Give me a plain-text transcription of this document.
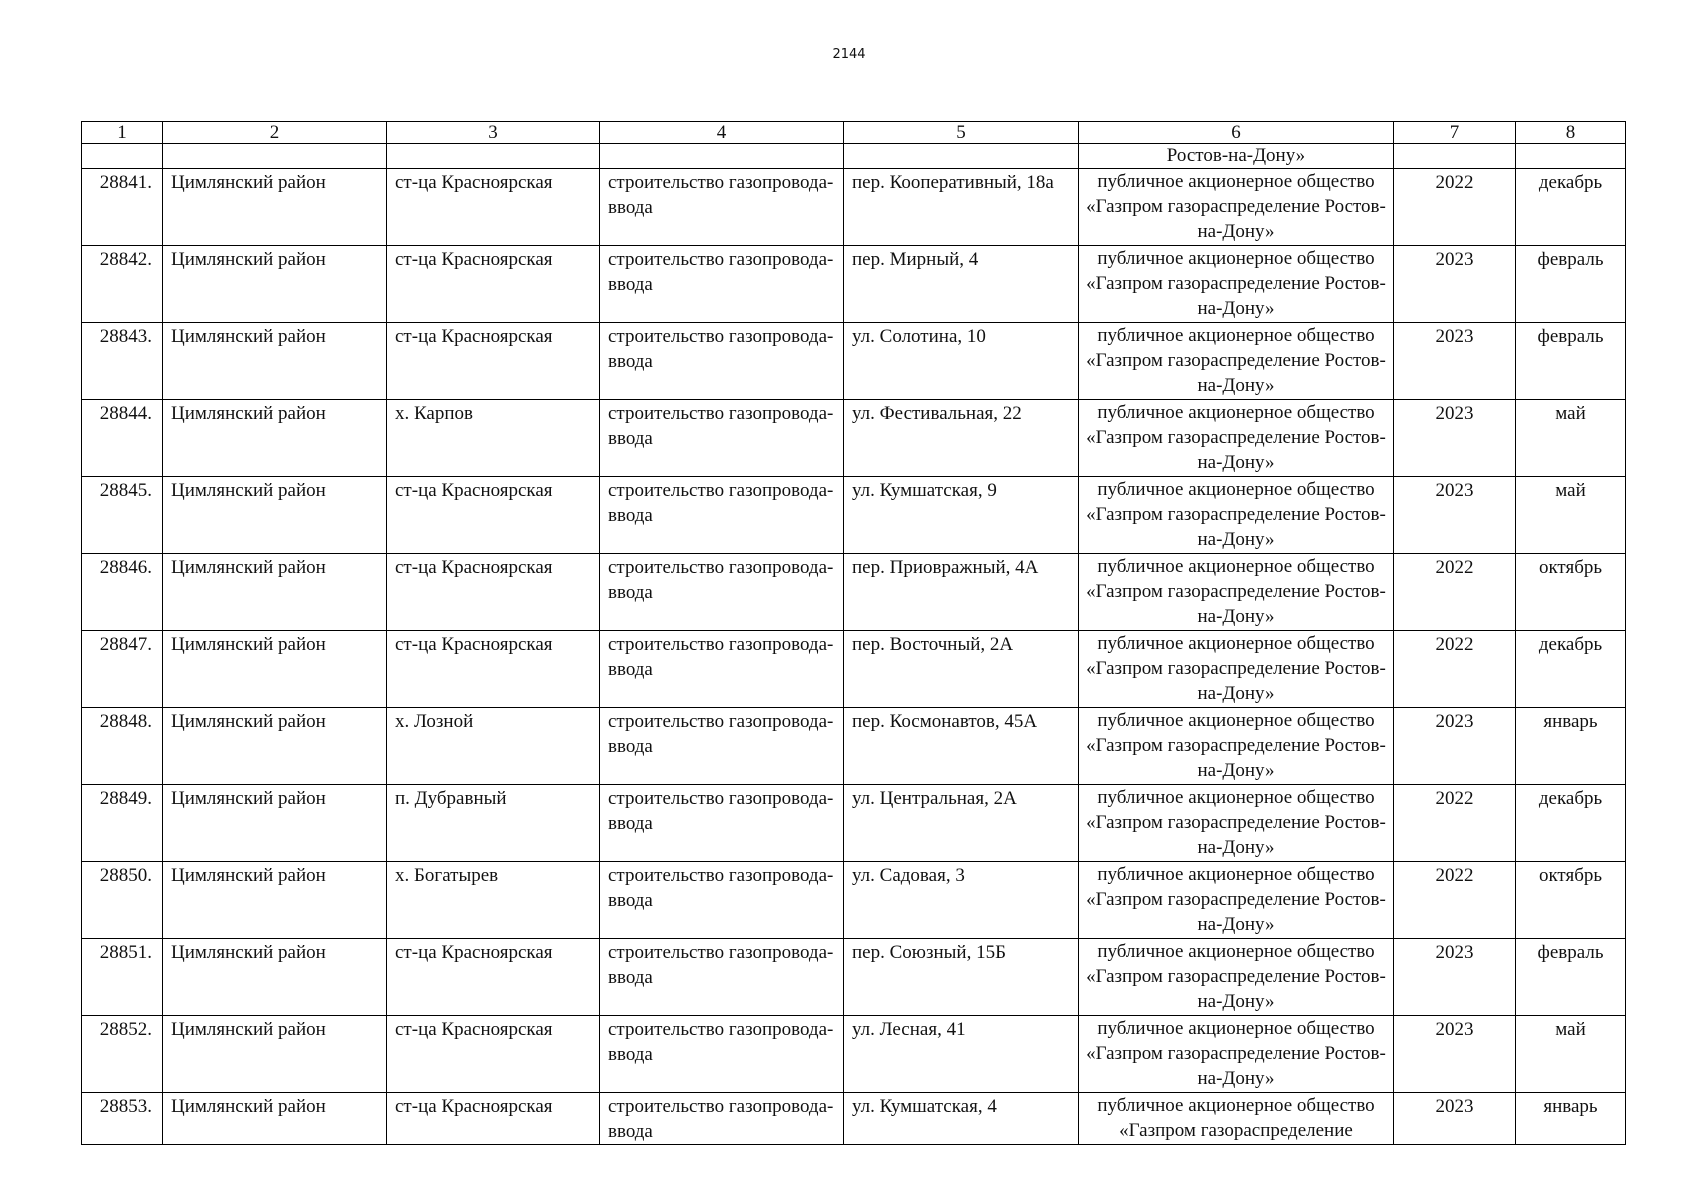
2144
1	2	3	4	5	6	7	8
					Ростов-на-Дону»		
28841.	Цимлянский район	ст-ца Красноярская	строительство газопровода-ввода	пер. Кооперативный, 18а	публичное акционерное общество «Газпром газораспределение Ростов-на-Дону»	2022	декабрь
28842.	Цимлянский район	ст-ца Красноярская	строительство газопровода-ввода	пер. Мирный, 4	публичное акционерное общество «Газпром газораспределение Ростов-на-Дону»	2023	февраль
28843.	Цимлянский район	ст-ца Красноярская	строительство газопровода-ввода	ул. Солотина, 10	публичное акционерное общество «Газпром газораспределение Ростов-на-Дону»	2023	февраль
28844.	Цимлянский район	х. Карпов	строительство газопровода-ввода	ул. Фестивальная, 22	публичное акционерное общество «Газпром газораспределение Ростов-на-Дону»	2023	май
28845.	Цимлянский район	ст-ца Красноярская	строительство газопровода-ввода	ул. Кумшатская, 9	публичное акционерное общество «Газпром газораспределение Ростов-на-Дону»	2023	май
28846.	Цимлянский район	ст-ца Красноярская	строительство газопровода-ввода	пер. Приовражный, 4А	публичное акционерное общество «Газпром газораспределение Ростов-на-Дону»	2022	октябрь
28847.	Цимлянский район	ст-ца Красноярская	строительство газопровода-ввода	пер. Восточный, 2А	публичное акционерное общество «Газпром газораспределение Ростов-на-Дону»	2022	декабрь
28848.	Цимлянский район	х. Лозной	строительство газопровода-ввода	пер. Космонавтов, 45А	публичное акционерное общество «Газпром газораспределение Ростов-на-Дону»	2023	январь
28849.	Цимлянский район	п. Дубравный	строительство газопровода-ввода	ул. Центральная, 2А	публичное акционерное общество «Газпром газораспределение Ростов-на-Дону»	2022	декабрь
28850.	Цимлянский район	х. Богатырев	строительство газопровода-ввода	ул. Садовая, 3	публичное акционерное общество «Газпром газораспределение Ростов-на-Дону»	2022	октябрь
28851.	Цимлянский район	ст-ца Красноярская	строительство газопровода-ввода	пер. Союзный, 15Б	публичное акционерное общество «Газпром газораспределение Ростов-на-Дону»	2023	февраль
28852.	Цимлянский район	ст-ца Красноярская	строительство газопровода-ввода	ул. Лесная, 41	публичное акционерное общество «Газпром газораспределение Ростов-на-Дону»	2023	май
28853.	Цимлянский район	ст-ца Красноярская	строительство газопровода-ввода	ул. Кумшатская, 4	публичное акционерное общество «Газпром газораспределение	2023	январь
